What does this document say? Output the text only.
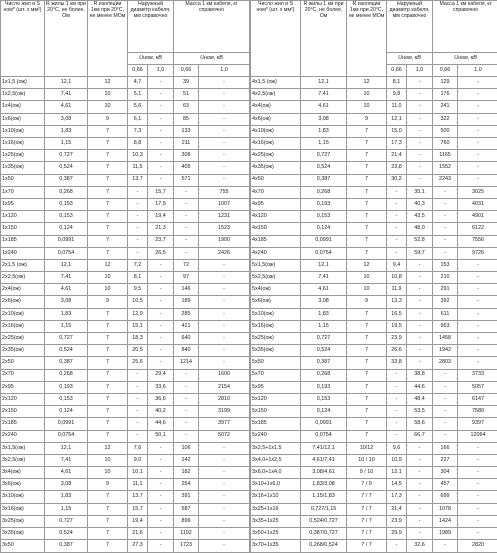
Число жил и S ном* (шт. x мм²)	R жилы 1 км при 20°С, не более, Ом	R изоляции 1км при 20°С, не менее МОм	Наружный диаметр кабеля, мм справочно		Масса 1 км кабеля, кг справочно	
			Uном, кВ		Uном, кВ	
			0,66	1,0	0,66	1,0
1x1,5 (ож)	12,1	12	4,7	-	39	-
1x2,5(ож)	7,41	10	5,1	-	51	-
1x4(ож)	4,61	10	5,6	-	63	-
1x6(ож)	3,08	9	6,1	-	85	-
1x10(ож)	1,83	7	7,3	-	133	-
1x16(ож)	1,15	7	8,8	-	211	-
1x25(ож)	0,727	7	10,3	-	308	-
1x35(ож)	0,524	7	11,5	-	405	-
1x50	0,387	7	13,7	-	571	-
1x70	0,268	7	-	15,7	-	755
1x95	0,193	7	-	17,9	-	1007
1x120	0,153	7	-	19,4	-	1231
1x150	0,124	7	-	21,3	-	1523
1x185	0,0991	7	-	23,7	-	1900
1x240	0,0754	7	-	26,5	-	2426
2x1,5 (ож)	12,1	12	7,2	-	72	-
2x2,5(ож)	7,41	10	8,1	-	97	-
2x4(ож)	4,61	10	9,5	-	146	-
2x6(ож)	3,08	9	10,5	-	189	-
2x10(ож)	1,83	7	12,9	-	285	-
2x16(ож)	1,15	7	15,1	-	421	-
2x25(ож)	0,727	7	18,3	-	640	-
2x35(ож)	0,524	7	20,5	-	840	-
2x50	0,387	7	25,6	-	1214	-
2x70	0,268	7	-	29,4	-	1600
2x95	0,193	7	-	33,6	-	2154
2x120	0,153	7	-	36,6	-	2810
2x150	0,124	7	-	40,2	-	3199
2x185	0,0991	7	-	44,6	-	3977
2x240	0,0754	7	-	50,1	-	5072
3x1,5(ож)	12,1	12	7,6	-	106	-
3x2,5(ож)	7,41	10	9,0	-	142	-
3x4(ож)	4,61	10	10,1	-	182	-
3x6(ож)	3,08	9	11,1	-	254	-
3x10(ож)	1,83	7	13,7	-	391	-
3x16(ож)	1,15	7	15,7	-	587	-
3x25(ож)	0,727	7	19,4	-	899	-
3x35(ож)	0,524	7	21,6	-	1192	-
3x50	0,387	7	27,3	-	1723	-
Число жил и S ном* (шт. x мм²)	R жилы 1 км при 20°С, не более, Ом	R изоляции 1км при 20°С, не менее МОм	Наружный диаметр кабеля, мм справочно		Масса 1 км кабеля, кг справочно	
			Uном, кВ		Uном, кВ	
			0,66	1,0	0,66	1,0
4x1,5 (ож)	12,1	12	8,1	-	129	-
4x2,5(ож)	7,41	10	9,8	-	176	-
4x4(ож)	4,61	10	11,0	-	241	-
4x6(ож)	3,08	9	12,1	-	322	-
4x10(ож)	1,83	7	15,0	-	500	-
4x16(ож)	1,15	7	17,3	-	760	-
4x25(ож)	0,727	7	21,4	-	1165	-
4x35(ож)	0,524	7	23,8	-	1552	-
4x50	0,387	7	30,2	-	2243	-
4x70	0,268	7	-	35,1	-	3025
4x95	0,193	7	-	40,3	-	4031
4x120	0,153	7	-	43,5	-	4901
4x150	0,124	7	-	48,0	-	6122
4x185	0,0991	7	-	52,8	-	7556
4x240	0,0754	7	-	59,7	-	9726
5x1,5(ож)	12,1	12	9,4	-	153	-
5x2,5(ож)	7,41	10	10,8	-	210	-
5x4(ож)	4,61	10	11,9	-	291	-
5x6(ож)	3,08	9	13,3	-	392	-
5x10(ож)	1,83	7	16,5	-	611	-
5x16(ож)	1,15	7	19,5	-	953	-
5x25(ож)	0,727	7	23,9	-	1458	-
5x35(ож)	0,524	7	26,6	-	1942	-
5x50	0,387	7	33,8	-	2803	-
5x70	0,268	7	-	38,8	-	3733
5x95	0,193	7	-	44,6	-	5057
5x120	0,153	7	-	48,4	-	6147
5x150	0,124	7	-	53,5	-	7580
5x185	0,0991	7	-	58,6	-	9397
5x240	0,0754	7	-	66,7	-	12064
3x2,5+1x1,5	7,41/12,1	10/12	9,6	-	166	-
3x4,0+1x2,5	4,61/7,41	10 / 10	10,9	-	227	-
3x6,0+1x4,0	3,08/4,61	9 / 10	12,1	-	304	-
3x10+1x6,0	1,83/3,08	7 / 9	14,5	-	457	-
3x16+1x10	1,15/1,83	7 / 7	17,3	-	699	-
3x25+1x16	0,727/1,15	7 / 7	21,4	-	1078	-
3x35+1x25	0,524/0,727	7 / 7	23,9	-	1424	-
3x50+1x25	0,387/0,727	7 / 7	29,9	-	1989	-
3x70+1x35	0,268/0,524	7 / 7	-	32,6	-	2820
